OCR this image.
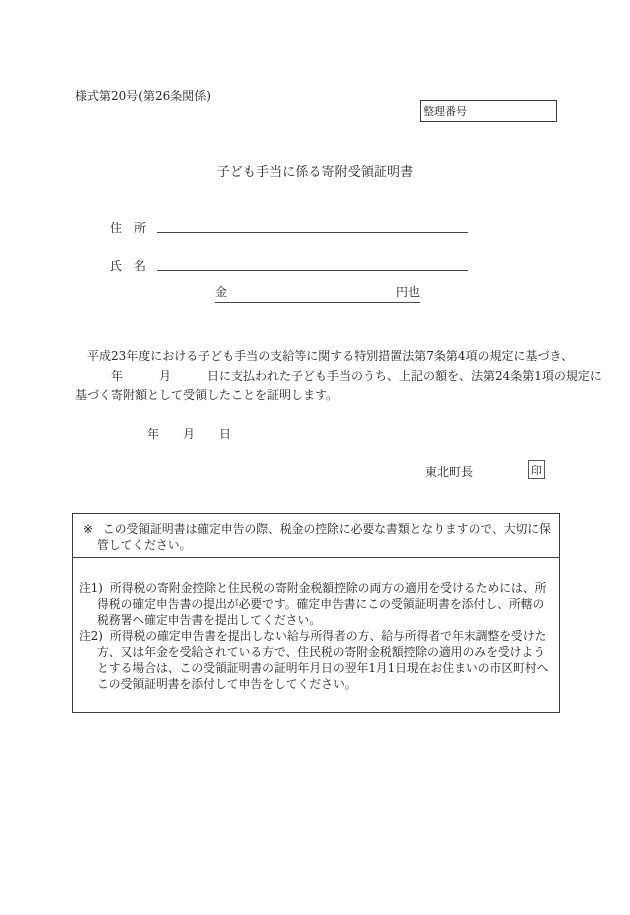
様式第20号(第26条関係)
整理番号
子ども手当に係る寄附受領証明書
住　所
氏　名
金	円也
　平成23年度における子ども手当の支給等に関する特別措置法第7条第4項の規定に基づき、
　　　年　　　月　　　日に支払われた子ども手当のうち、上記の額を、法第24条第1項の規定に
基づく寄附額として受領したことを証明します。
年　　月　　日
東北町長	印

※ この受領証明書は確定申告の際、税金の控除に必要な書類となりますので、大切に保管してください。

注1) 所得税の寄附金控除と住民税の寄附金税額控除の両方の適用を受けるためには、所得税の確定申告書の提出が必要です。確定申告書にこの受領証明書を添付し、所轄の税務署へ確定申告書を提出してください。

注2) 所得税の確定申告書を提出しない給与所得者の方、給与所得者で年末調整を受けた方、又は年金を受給されている方で、住民税の寄附金税額控除の適用のみを受けようとする場合は、この受領証明書の証明年月日の翌年1月1日現在お住まいの市区町村へこの受領証明書を添付して申告をしてください。
